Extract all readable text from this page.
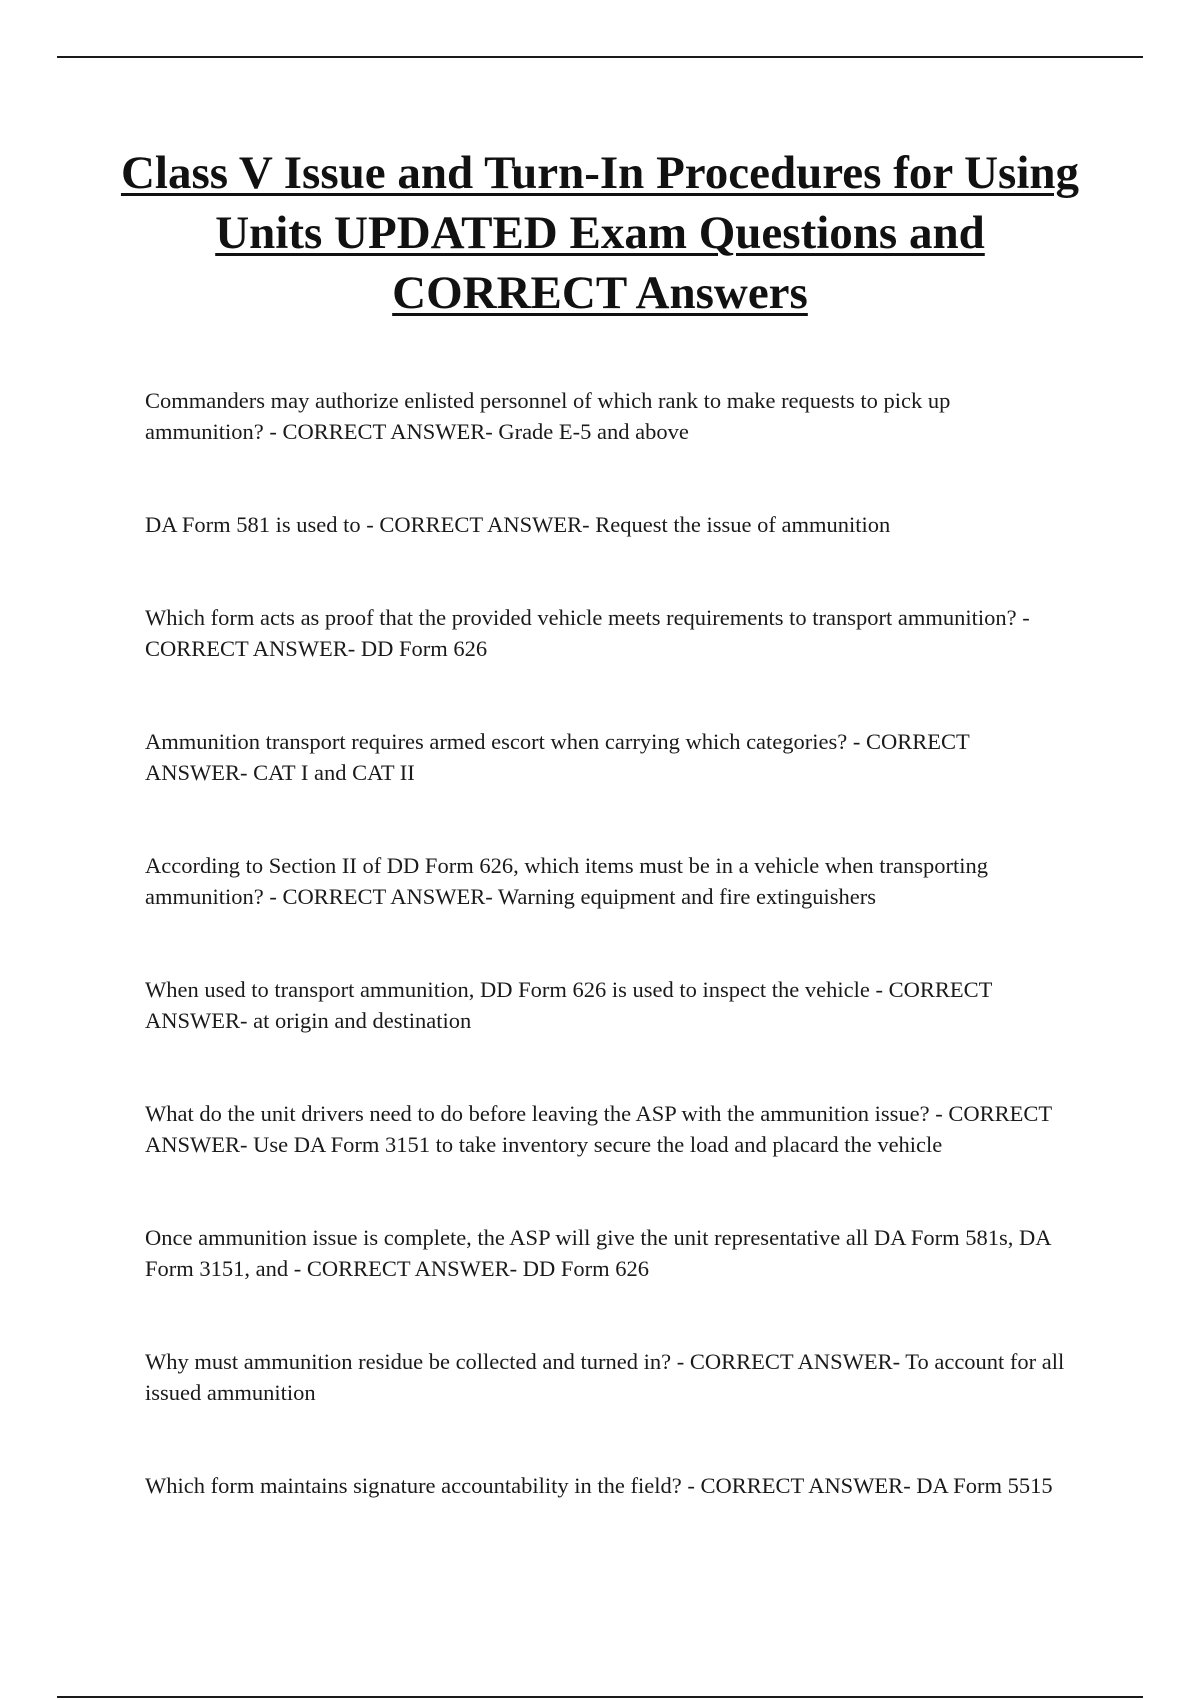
Class V Issue and Turn-In Procedures for Using Units UPDATED Exam Questions and CORRECT Answers
Commanders may authorize enlisted personnel of which rank to make requests to pick up ammunition? - CORRECT ANSWER- Grade E-5 and above
DA Form 581 is used to - CORRECT ANSWER- Request the issue of ammunition
Which form acts as proof that the provided vehicle meets requirements to transport ammunition? - CORRECT ANSWER- DD Form 626
Ammunition transport requires armed escort when carrying which categories? - CORRECT ANSWER- CAT I and CAT II
According to Section II of DD Form 626, which items must be in a vehicle when transporting ammunition? - CORRECT ANSWER- Warning equipment and fire extinguishers
When used to transport ammunition, DD Form 626 is used to inspect the vehicle - CORRECT ANSWER- at origin and destination
What do the unit drivers need to do before leaving the ASP with the ammunition issue? - CORRECT ANSWER- Use DA Form 3151 to take inventory secure the load and placard the vehicle
Once ammunition issue is complete, the ASP will give the unit representative all DA Form 581s, DA Form 3151, and - CORRECT ANSWER- DD Form 626
Why must ammunition residue be collected and turned in? - CORRECT ANSWER- To account for all issued ammunition
Which form maintains signature accountability in the field? - CORRECT ANSWER- DA Form 5515
